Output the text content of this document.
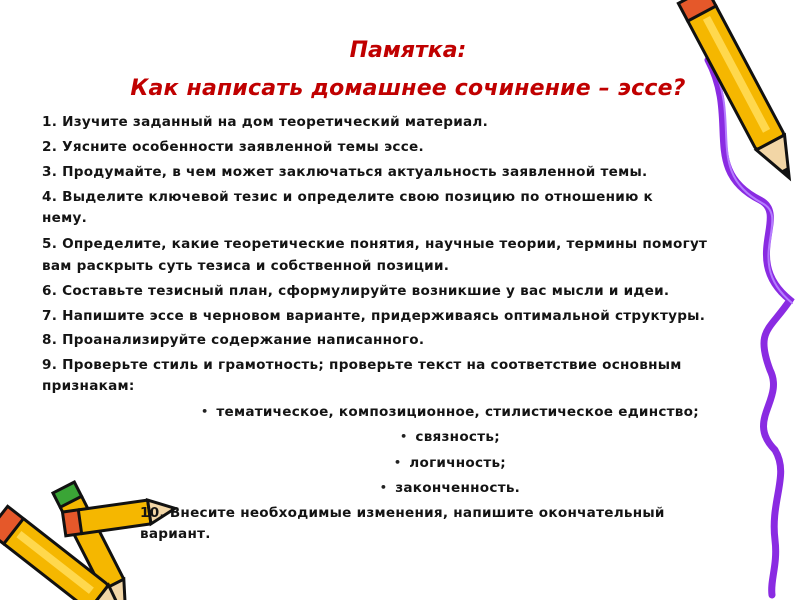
Памятка:
Как написать домашнее сочинение – эссе?
1. Изучите заданный на дом теоретический материал.
2. Уясните особенности заявленной темы эссе.
3. Продумайте, в чем может заключаться актуальность заявленной темы.
4. Выделите ключевой тезис и определите свою позицию по отношению к
нему.
5. Определите, какие теоретические понятия, научные теории, термины помогут
вам раскрыть суть тезиса и собственной позиции.
6. Составьте тезисный план, сформулируйте возникшие у вас мысли и идеи.
7. Напишите эссе в черновом варианте, придерживаясь оптимальной структуры.
8. Проанализируйте содержание написанного.
9. Проверьте стиль и грамотность; проверьте текст на соответствие основным
признакам:
• тематическое, композиционное, стилистическое единство;
• связность;
• логичность;
• законченность.
10. Внесите необходимые изменения, напишите окончательный
вариант.
